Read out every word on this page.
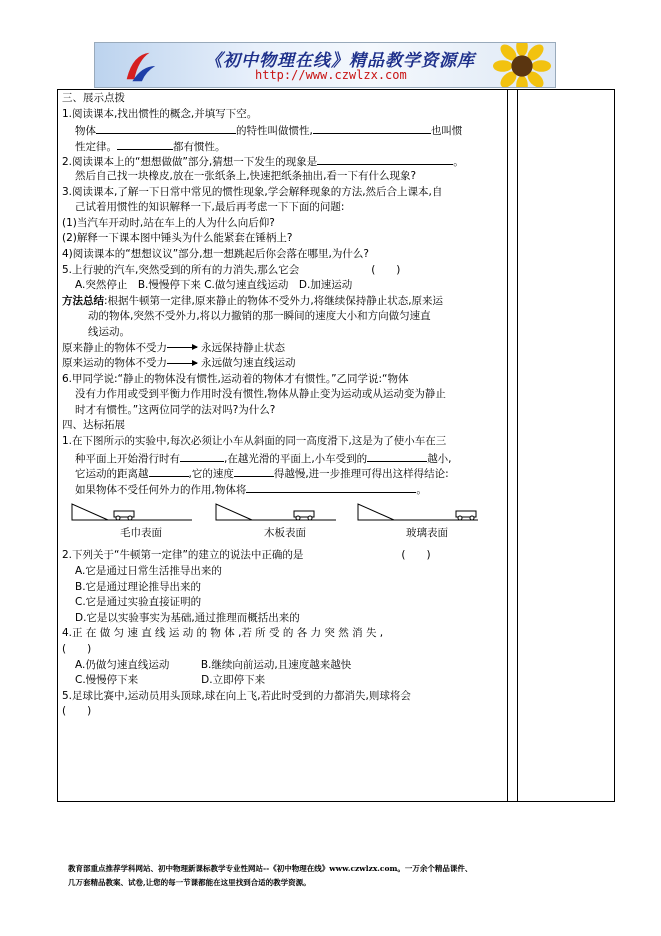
《初中物理在线》精品教学资源库
http://www.czwlzx.com
三、展示点拨
1.阅读课本,找出惯性的概念,并填写下空。
物体	的特性叫做惯性,	也叫惯
性定律。	都有惯性。
2.阅读课本上的“想想做做”部分,猜想一下发生的现象是	。
然后自己找一块橡皮,放在一张纸条上,快速把纸条抽出,看一下有什么现象?
3.阅读课本,了解一下日常中常见的惯性现象,学会解释现象的方法,然后合上课本,自
己试着用惯性的知识解释一下,最后再考虑一下下面的问题:
(1)当汽车开动时,站在车上的人为什么向后仰?
(2)解释一下课本图中锤头为什么能紧套在锤柄上?
4)阅读课本的“想想议议”部分,想一想跳起后你会落在哪里,为什么?
5.上行驶的汽车,突然受到的所有的力消失,那么它会	(　　)
A.突然停止　B.慢慢停下来 C.做匀速直线运动　D.加速运动
方法总结:根据牛顿第一定律,原来静止的物体不受外力,将继续保持静止状态,原来运
动的物体,突然不受外力,将以力撤销的那一瞬间的速度大小和方向做匀速直
线运动。
原来静止的物体不受力	永远保持静止状态
原来运动的物体不受力	永远做匀速直线运动
6.甲同学说:“静止的物体没有惯性,运动着的物体才有惯性。”乙同学说:“物体
没有力作用或受到平衡力作用时没有惯性,物体从静止变为运动或从运动变为静止
时才有惯性。”这两位同学的法对吗?为什么?
四、达标拓展
1.在下图所示的实验中,每次必须让小车从斜面的同一高度滑下,这是为了使小车在三
种平面上开始滑行时有	,在越光滑的平面上,小车受到的	越小,
它运动的距离越	,它的速度	得越慢,进一步推理可得出这样得结论:
如果物体不受任何外力的作用,物体将	。
毛巾表面	木板表面	玻璃表面
2.下列关于“牛顿第一定律”的建立的说法中正确的是	(　　)
A.它是通过日常生活推导出来的
B.它是通过理论推导出来的
C.它是通过实验直接证明的
D.它是以实验事实为基础,通过推理而概括出来的
4.正 在 做 匀 速 直 线 运 动 的 物 体 ,若 所 受 的 各 力 突 然 消 失 ,
(　　)
A.仍做匀速直线运动　　　B.继续向前运动,且速度越来越快
C.慢慢停下来　　　　　　D.立即停下来
5.足球比赛中,运动员用头顶球,球在向上飞,若此时受到的力都消失,则球将会
(　　)
教育部重点推荐学科网站、初中物理新课标教学专业性网站--《初中物理在线》www.czwlzx.com。一万余个精品课件、
几万套精品教案、试卷,让您的每一节课都能在这里找到合适的教学资源。
